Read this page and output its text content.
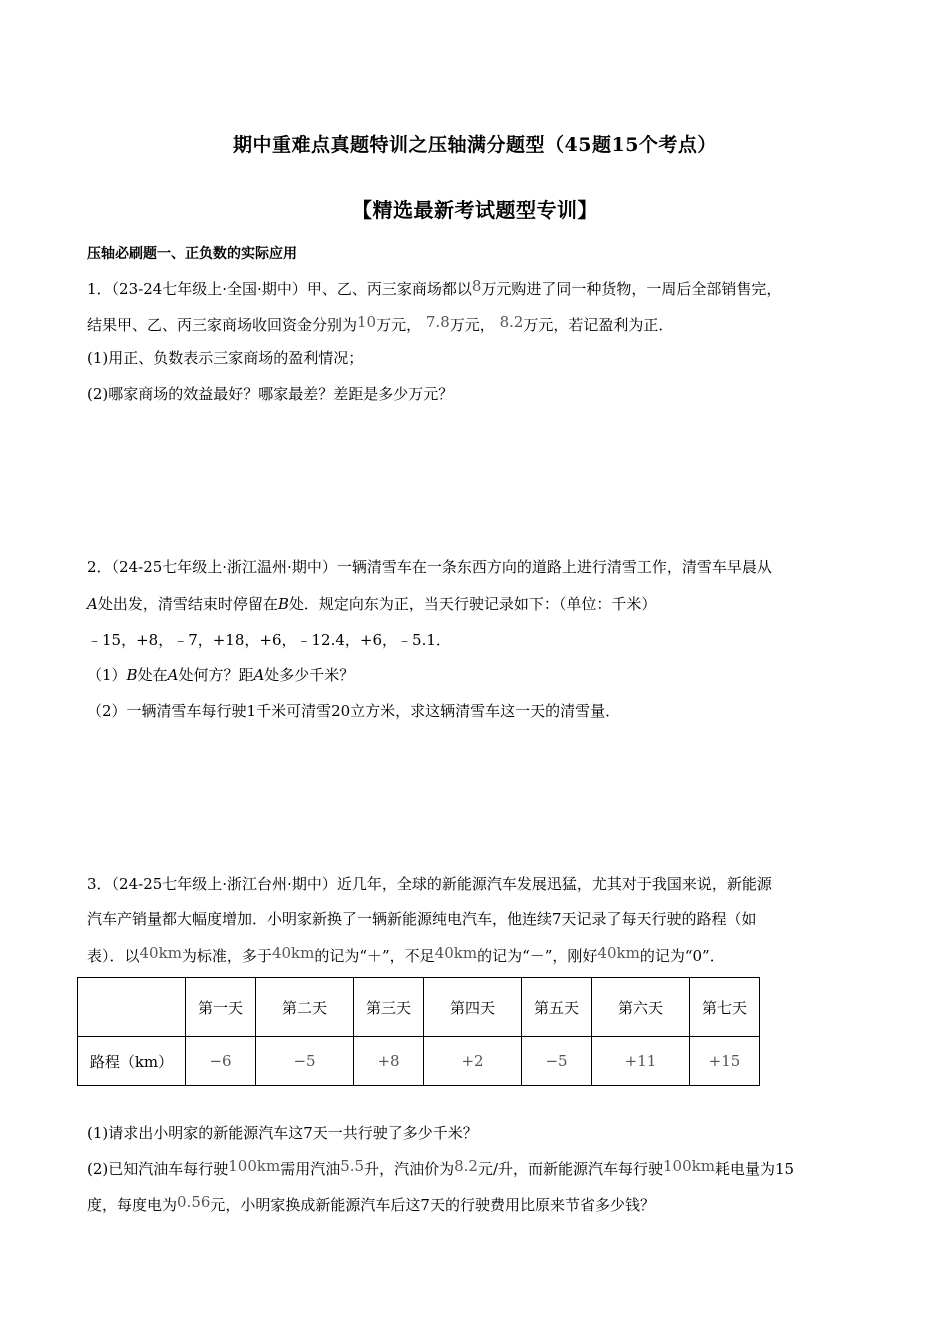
期中重难点真题特训之压轴满分题型（45题15个考点）
【精选最新考试题型专训】
压轴必刷题一、正负数的实际应用
1．（23-24七年级上·全国·期中）甲、乙、丙三家商场都以8万元购进了同一种货物，一周后全部销售完，
结果甲、乙、丙三家商场收回资金分别为10万元， 7.8万元， 8.2万元，若记盈利为正．
(1)用正、负数表示三家商场的盈利情况；
(2)哪家商场的效益最好？哪家最差？差距是多少万元？
2．（24-25七年级上·浙江温州·期中）一辆清雪车在一条东西方向的道路上进行清雪工作，清雪车早晨从
A处出发，清雪结束时停留在B处．规定向东为正，当天行驶记录如下：（单位：千米）
﹣15，+8，﹣7，+18，+6，﹣12.4，+6，﹣5.1．
（1）B处在A处何方？距A处多少千米？
（2）一辆清雪车每行驶1千米可清雪20立方米，求这辆清雪车这一天的清雪量．
3．（24-25七年级上·浙江台州·期中）近几年，全球的新能源汽车发展迅猛，尤其对于我国来说，新能源
汽车产销量都大幅度增加．小明家新换了一辆新能源纯电汽车，他连续7天记录了每天行驶的路程（如
表）．以40km为标准，多于40km的记为“＋”，不足40km的记为“－”，刚好40km的记为“0”．
	第一天	第二天	第三天	第四天	第五天	第六天	第七天
路程（km）	−6	−5	+8	+2	−5	+11	+15
(1)请求出小明家的新能源汽车这7天一共行驶了多少千米？
(2)已知汽油车每行驶100km需用汽油5.5升，汽油价为8.2元/升，而新能源汽车每行驶100km耗电量为15
度，每度电为0.56元，小明家换成新能源汽车后这7天的行驶费用比原来节省多少钱？
